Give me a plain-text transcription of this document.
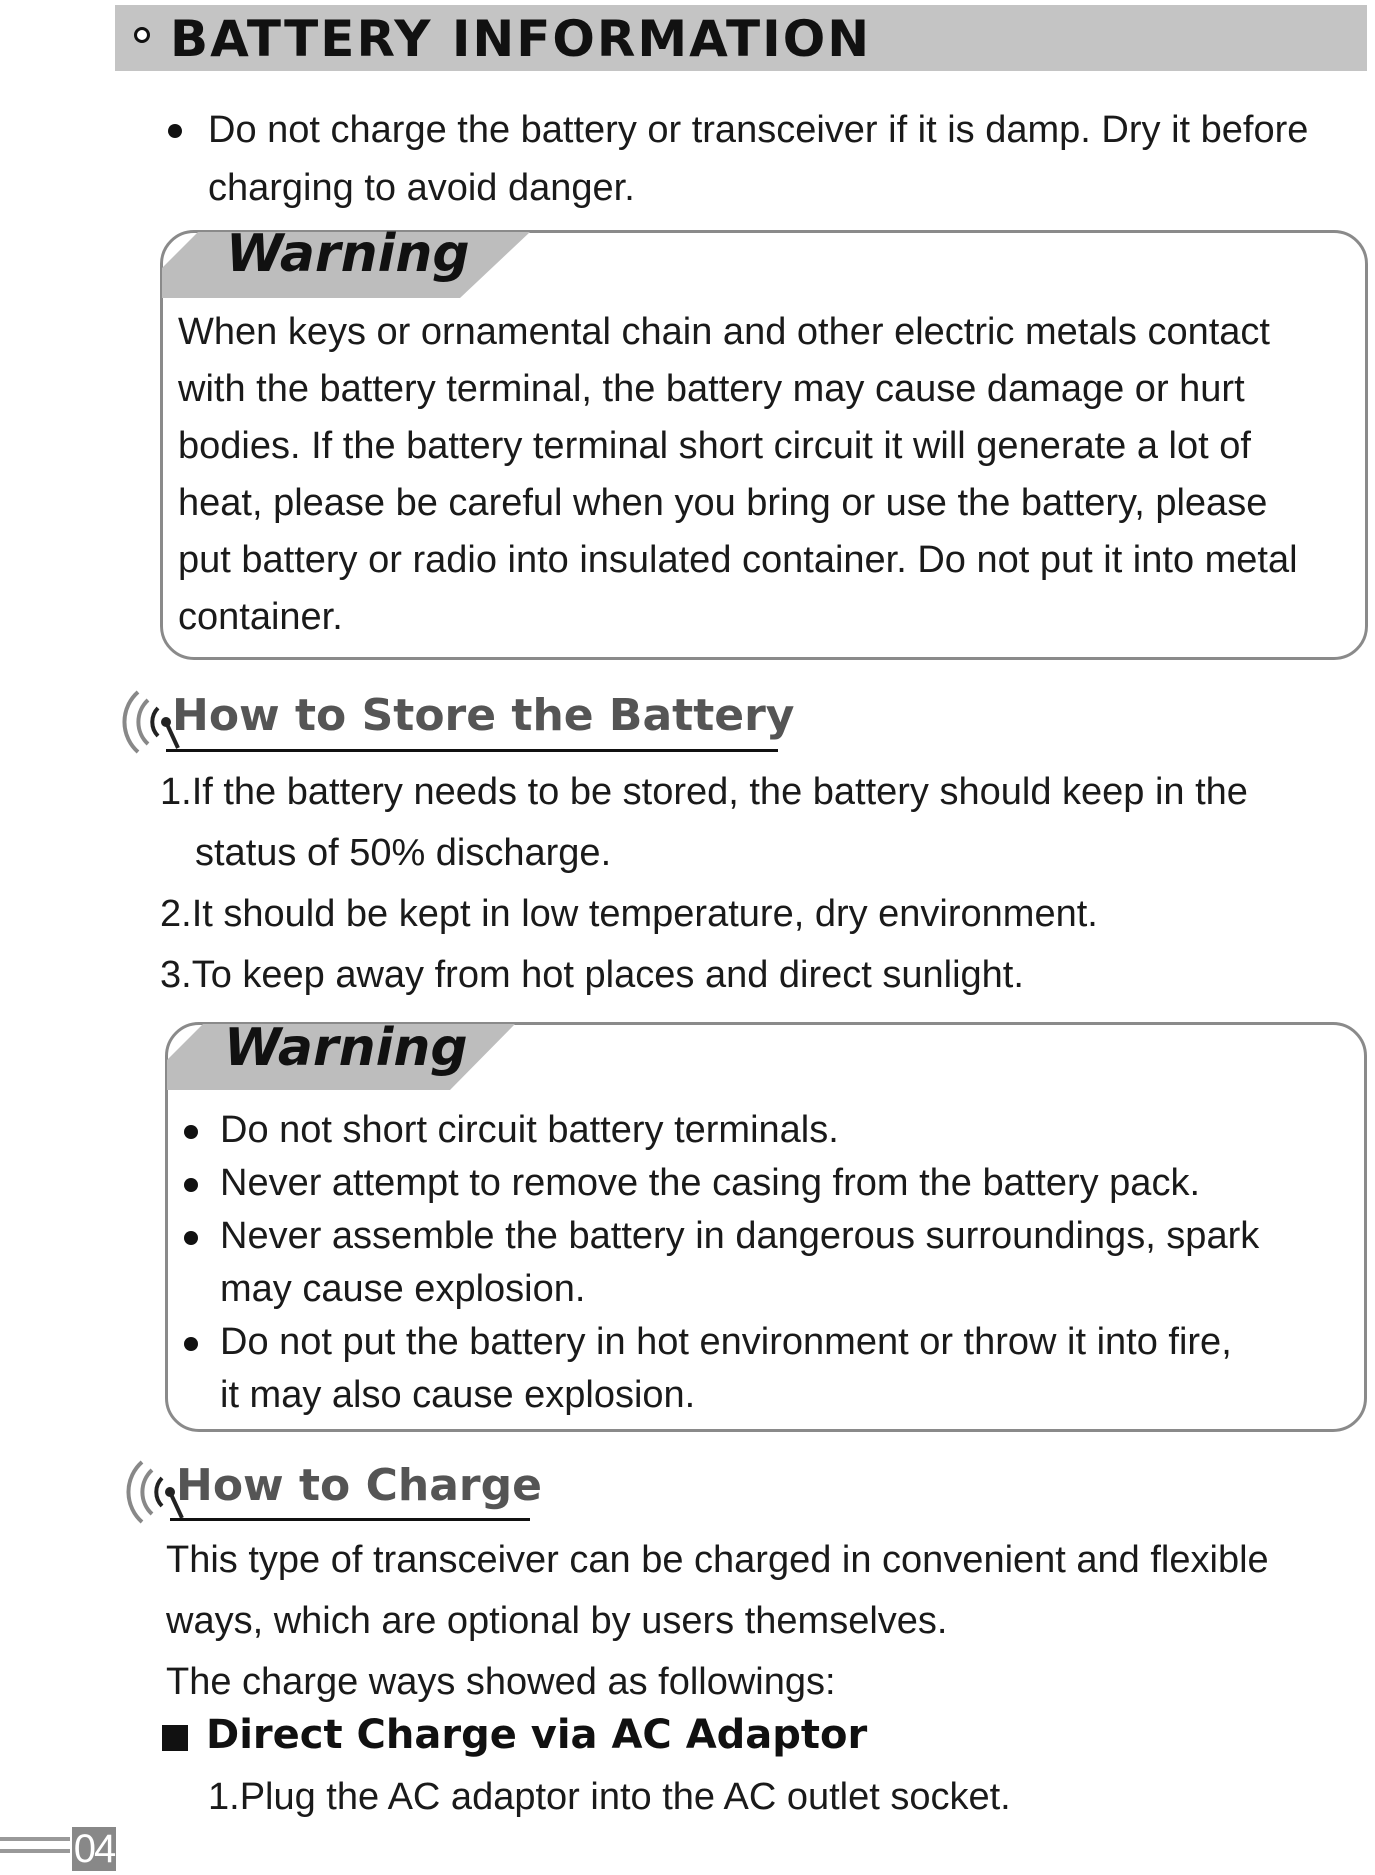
BATTERY INFORMATION
Do not charge the battery or transceiver if it is damp. Dry it before
charging to avoid danger.
Warning
When keys or ornamental chain and other electric metals contact
with the battery terminal, the battery may cause damage or hurt
bodies. If the battery terminal short circuit it will generate a lot of
heat, please be careful when you bring or use the battery, please
put battery or radio into insulated container. Do not put it into metal
container.
How to Store the Battery
1.If the battery needs to be stored, the battery should keep in the
status of 50% discharge.
2.It should be kept in low temperature, dry environment.
3.To keep away from hot places and direct sunlight.
Warning
Do not short circuit battery terminals.
Never attempt to remove the casing from the battery pack.
Never assemble the battery in dangerous surroundings, spark
may cause explosion.
Do not put the battery in hot environment or throw it into fire,
it may also cause explosion.
How to Charge
This type of transceiver can be charged in convenient and flexible
ways, which are optional by users themselves.
The charge ways showed as followings:
Direct Charge via AC Adaptor
1.Plug the AC adaptor into the AC outlet socket.
04
